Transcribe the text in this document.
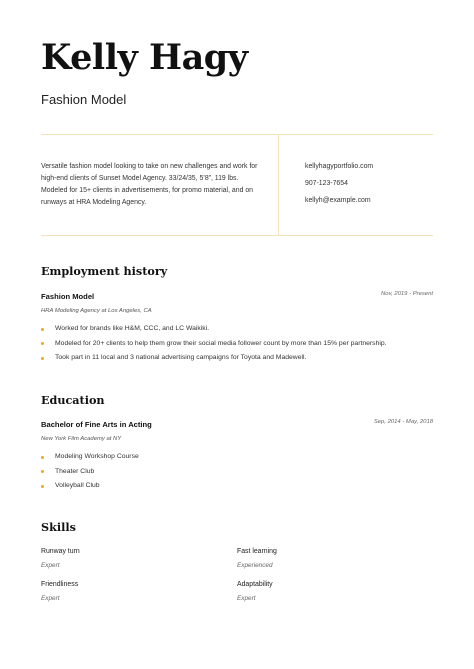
Kelly Hagy
Fashion Model
Versatile fashion model looking to take on new challenges and work for high-end clients of Sunset Model Agency. 33/24/35, 5’8”, 119 lbs. Modeled for 15+ clients in advertisements, for promo material, and on runways at HRA Modeling Agency.
kellyhagyportfolio.com
907-123-7654
kellyh@example.com
Employment history
Fashion Model	Nov, 2019 - Present
HRA Modeling Agency at Los Angeles, CA
Worked for brands like H&M, CCC, and LC Waikiki.
Modeled for 20+ clients to help them grow their social media follower count by more than 15% per partnership.
Took part in 11 local and 3 national advertising campaigns for Toyota and Madewell.
Education
Bachelor of Fine Arts in Acting	Sep, 2014 - May, 2018
New York Film Academy at NY
Modeling Workshop Course
Theater Club
Volleyball Club
Skills
Runway turn
Expert
Fast learning
Experienced
Friendliness
Expert
Adaptability
Expert
